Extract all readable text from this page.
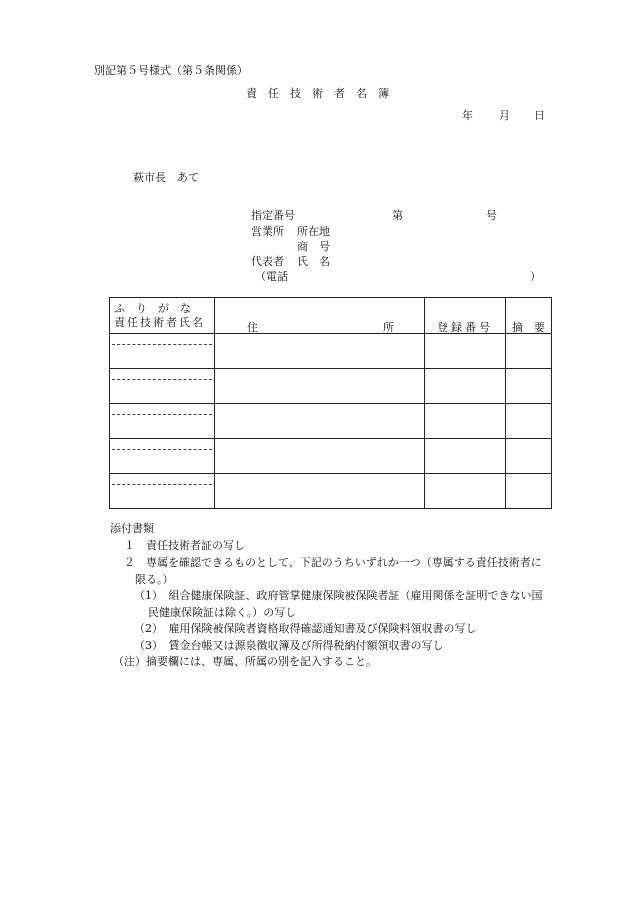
別記第５号様式（第５条関係）
責　任　技　術　者　名　簿
年 月 日
萩市長　あて
指定番号	第	号
営業所 所在地
商　号
代表者 氏　名
（電話	）
ふりがな
責任技術者氏名	住 所	登録番号	摘　要

添付書類
１　責任技術者証の写し
２　専属を確認できるものとして、下記のうちいずれか一つ（専属する責任技術者に
限る。）
（1）　組合健康保険証、政府管掌健康保険被保険者証（雇用関係を証明できない国
民健康保険証は除く。）の写し
（2）　雇用保険被保険者資格取得確認通知書及び保険料領収書の写し
（3）　賃金台帳又は源泉徴収簿及び所得税納付額領収書の写し
（注）摘要欄には、専属、所属の別を記入すること。
